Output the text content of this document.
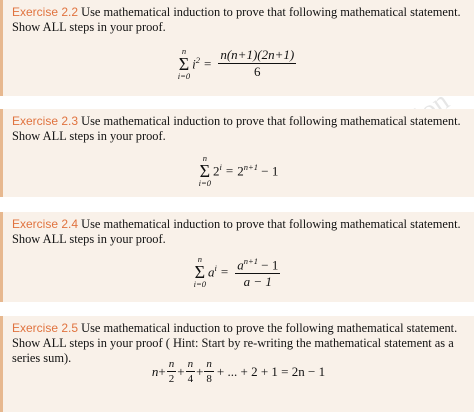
Exercise 2.2 Use mathematical induction to prove that following mathematical statement. Show ALL steps in your proof.
n
Σ
i=0
$i^2 = \frac{n(n+1)(2n+1)}{6}$
Exercise 2.3 Use mathematical induction to prove that following mathematical statement. Show ALL steps in your proof.
n
Σ
i=0
$2^i = 2^{n+1} - 1$
Exercise 2.4 Use mathematical induction to prove that following mathematical statement. Show ALL steps in your proof.
n
Σ
i=0
$a^i = \frac{a^{n+1} - 1}{a - 1}$
Exercise 2.5 Use mathematical induction to prove the following mathematical statement. Show ALL steps in your proof ( Hint: Start by re-writing the mathematical statement as a series sum).
$n + \frac{n}{2} + \frac{n}{4} + \frac{n}{8}$ + ... + 2 + 1 = 2n − 1
